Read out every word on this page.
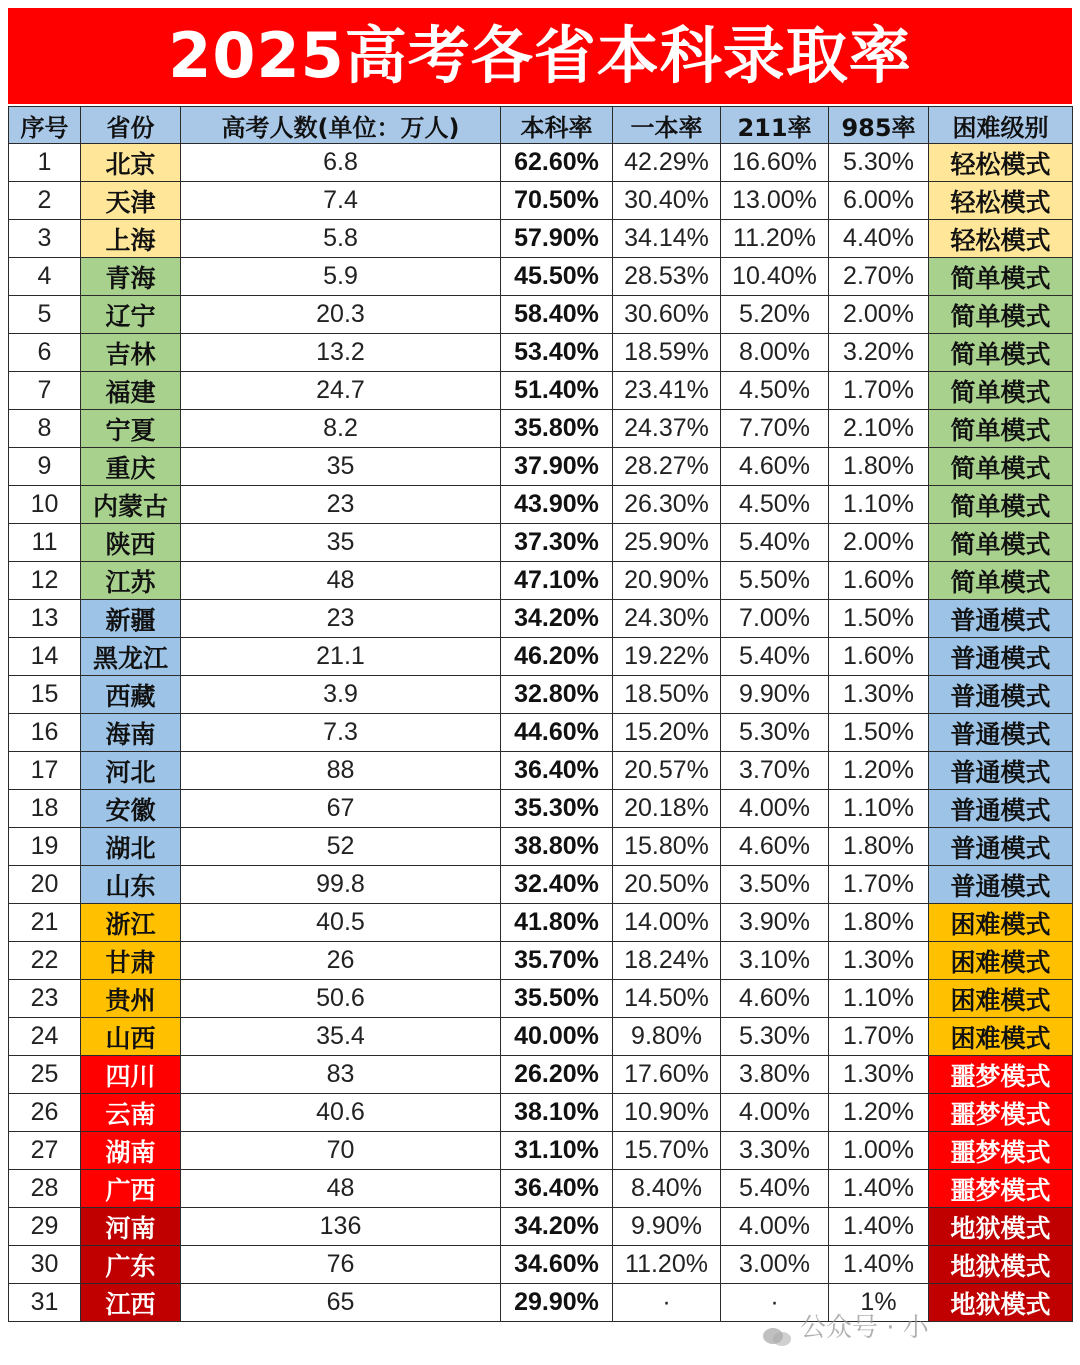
2025高考各省本科录取率
序号	省份	高考人数(单位：万人)	本科率	一本率	211率	985率	困难级别
1	北京	6.8	62.60%	42.29%	16.60%	5.30%	轻松模式
2	天津	7.4	70.50%	30.40%	13.00%	6.00%	轻松模式
3	上海	5.8	57.90%	34.14%	11.20%	4.40%	轻松模式
4	青海	5.9	45.50%	28.53%	10.40%	2.70%	简单模式
5	辽宁	20.3	58.40%	30.60%	5.20%	2.00%	简单模式
6	吉林	13.2	53.40%	18.59%	8.00%	3.20%	简单模式
7	福建	24.7	51.40%	23.41%	4.50%	1.70%	简单模式
8	宁夏	8.2	35.80%	24.37%	7.70%	2.10%	简单模式
9	重庆	35	37.90%	28.27%	4.60%	1.80%	简单模式
10	内蒙古	23	43.90%	26.30%	4.50%	1.10%	简单模式
11	陕西	35	37.30%	25.90%	5.40%	2.00%	简单模式
12	江苏	48	47.10%	20.90%	5.50%	1.60%	简单模式
13	新疆	23	34.20%	24.30%	7.00%	1.50%	普通模式
14	黑龙江	21.1	46.20%	19.22%	5.40%	1.60%	普通模式
15	西藏	3.9	32.80%	18.50%	9.90%	1.30%	普通模式
16	海南	7.3	44.60%	15.20%	5.30%	1.50%	普通模式
17	河北	88	36.40%	20.57%	3.70%	1.20%	普通模式
18	安徽	67	35.30%	20.18%	4.00%	1.10%	普通模式
19	湖北	52	38.80%	15.80%	4.60%	1.80%	普通模式
20	山东	99.8	32.40%	20.50%	3.50%	1.70%	普通模式
21	浙江	40.5	41.80%	14.00%	3.90%	1.80%	困难模式
22	甘肃	26	35.70%	18.24%	3.10%	1.30%	困难模式
23	贵州	50.6	35.50%	14.50%	4.60%	1.10%	困难模式
24	山西	35.4	40.00%	9.80%	5.30%	1.70%	困难模式
25	四川	83	26.20%	17.60%	3.80%	1.30%	噩梦模式
26	云南	40.6	38.10%	10.90%	4.00%	1.20%	噩梦模式
27	湖南	70	31.10%	15.70%	3.30%	1.00%	噩梦模式
28	广西	48	36.40%	8.40%	5.40%	1.40%	噩梦模式
29	河南	136	34.20%	9.90%	4.00%	1.40%	地狱模式
30	广东	76	34.60%	11.20%	3.00%	1.40%	地狱模式
31	江西	65	29.90%	·	·	1%	地狱模式
公众号 · 小
